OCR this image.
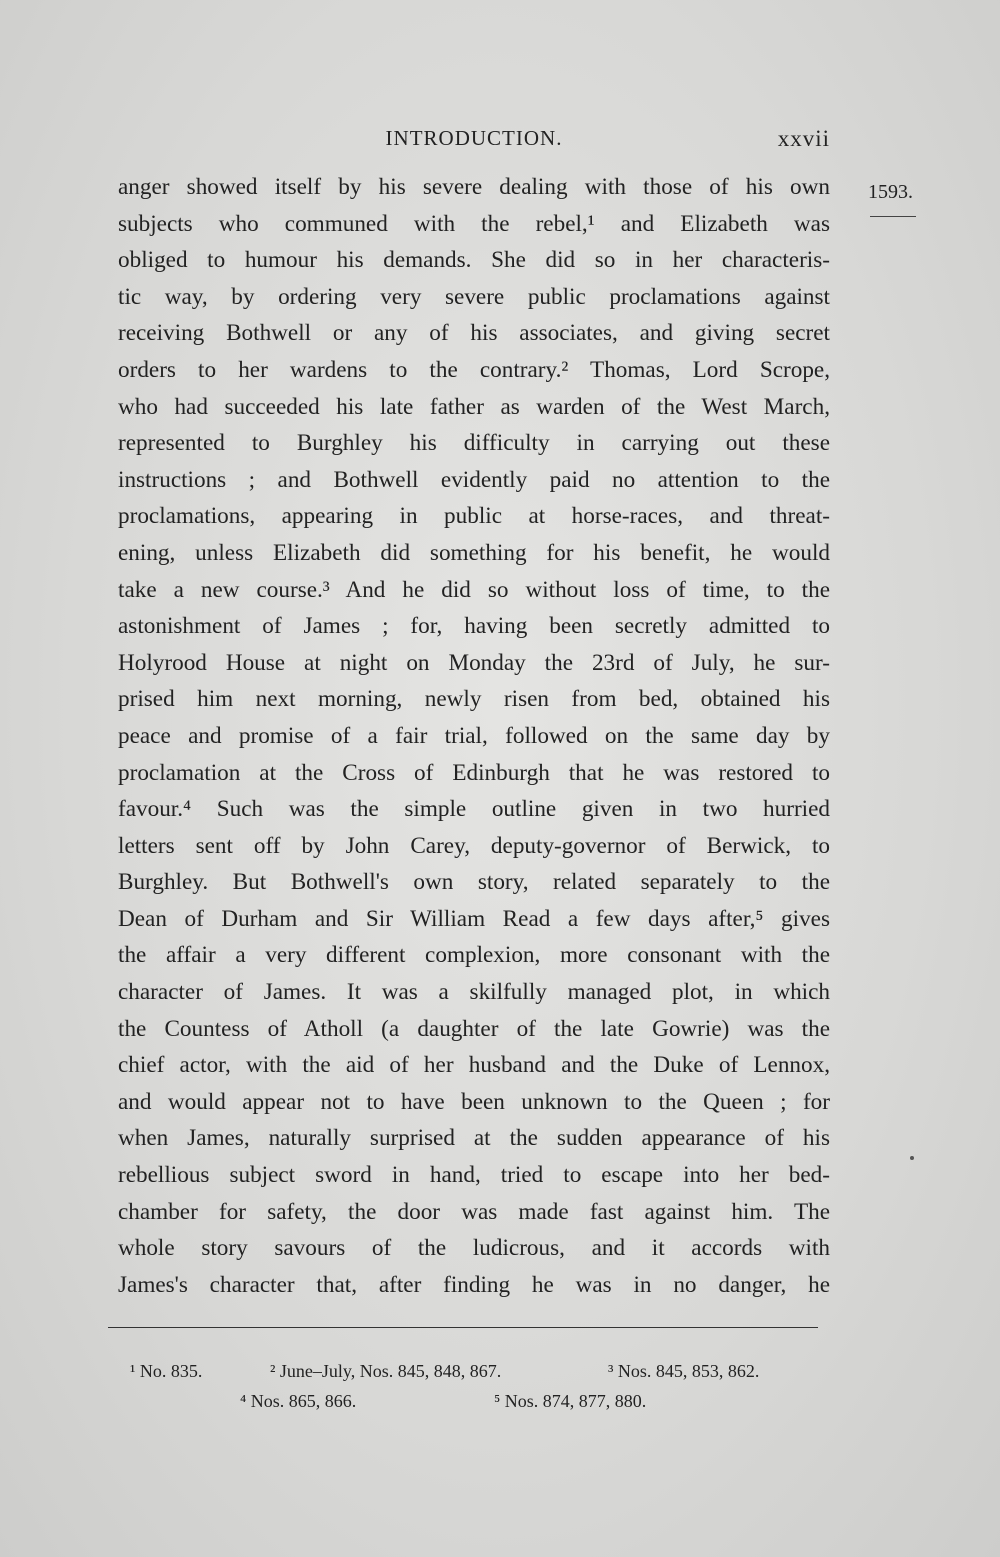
INTRODUCTION.	xxvii
1593.
anger showed itself by his severe dealing with those of his own
subjects who communed with the rebel,¹ and Elizabeth was
obliged to humour his demands. She did so in her characteris-
tic way, by ordering very severe public proclamations against
receiving Bothwell or any of his associates, and giving secret
orders to her wardens to the contrary.² Thomas, Lord Scrope,
who had succeeded his late father as warden of the West March,
represented to Burghley his difficulty in carrying out these
instructions ; and Bothwell evidently paid no attention to the
proclamations, appearing in public at horse-races, and threat-
ening, unless Elizabeth did something for his benefit, he would
take a new course.³ And he did so without loss of time, to the
astonishment of James ; for, having been secretly admitted to
Holyrood House at night on Monday the 23rd of July, he sur-
prised him next morning, newly risen from bed, obtained his
peace and promise of a fair trial, followed on the same day by
proclamation at the Cross of Edinburgh that he was restored to
favour.⁴ Such was the simple outline given in two hurried
letters sent off by John Carey, deputy-governor of Berwick, to
Burghley. But Bothwell's own story, related separately to the
Dean of Durham and Sir William Read a few days after,⁵ gives
the affair a very different complexion, more consonant with the
character of James. It was a skilfully managed plot, in which
the Countess of Atholl (a daughter of the late Gowrie) was the
chief actor, with the aid of her husband and the Duke of Lennox,
and would appear not to have been unknown to the Queen ; for
when James, naturally surprised at the sudden appearance of his
rebellious subject sword in hand, tried to escape into her bed-
chamber for safety, the door was made fast against him. The
whole story savours of the ludicrous, and it accords with
James's character that, after finding he was in no danger, he
¹ No. 835.	² June–July, Nos. 845, 848, 867.	³ Nos. 845, 853, 862.
⁴ Nos. 865, 866.	⁵ Nos. 874, 877, 880.
